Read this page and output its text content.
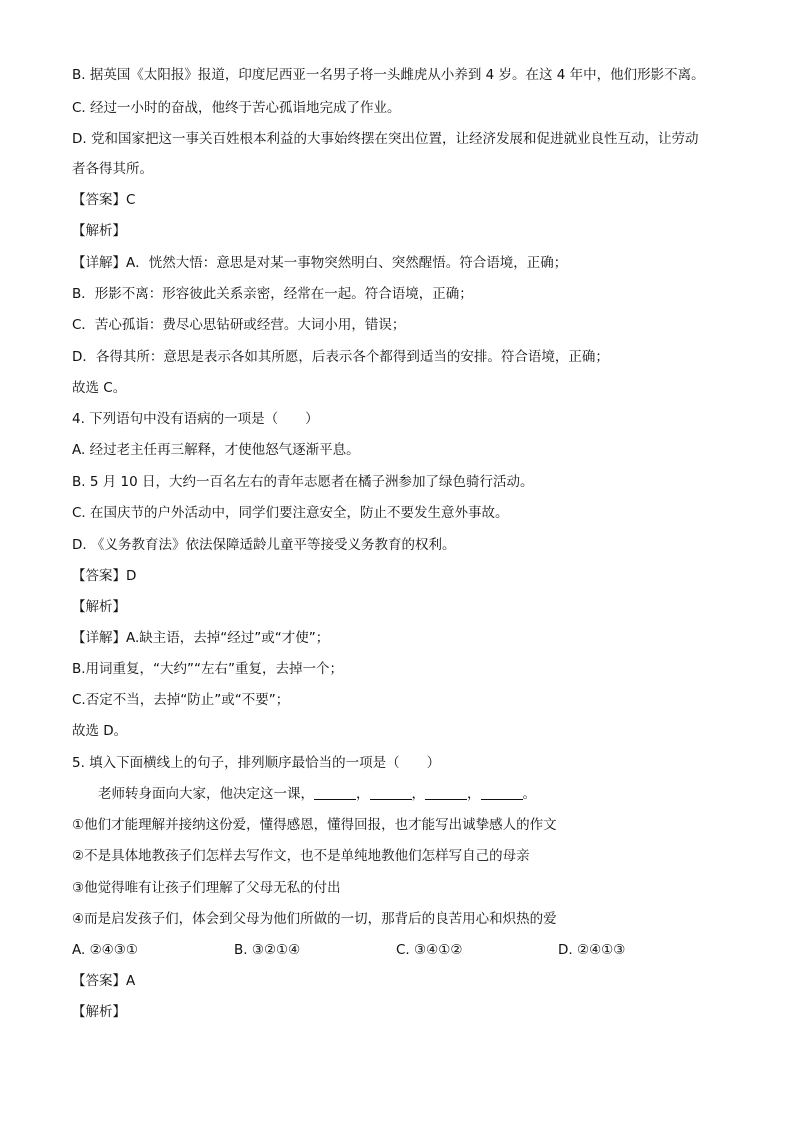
B. 据英国《太阳报》报道，印度尼西亚一名男子将一头雌虎从小养到 4 岁。在这 4 年中，他们形影不离。
C. 经过一小时的奋战，他终于苦心孤诣地完成了作业。
D. 党和国家把这一事关百姓根本利益的大事始终摆在突出位置，让经济发展和促进就业良性互动，让劳动
者各得其所。
【答案】C
【解析】
【详解】A．恍然大悟：意思是对某一事物突然明白、突然醒悟。符合语境，正确；
B．形影不离：形容彼此关系亲密，经常在一起。符合语境，正确；
C．苦心孤诣：费尽心思钻研或经营。大词小用，错误；
D．各得其所：意思是表示各如其所愿，后表示各个都得到适当的安排。符合语境，正确；
故选 C。
4. 下列语句中没有语病的一项是（　　）
A. 经过老主任再三解释，才使他怒气逐渐平息。
B. 5 月 10 日，大约一百名左右的青年志愿者在橘子洲参加了绿色骑行活动。
C. 在国庆节的户外活动中，同学们要注意安全，防止不要发生意外事故。
D. 《义务教育法》依法保障适龄儿童平等接受义务教育的权利。
【答案】D
【解析】
【详解】A.缺主语，去掉“经过”或“才使”；
B.用词重复，“大约”“左右”重复，去掉一个；
C.否定不当，去掉“防止”或“不要”；
故选 D。
5. 填入下面横线上的句子，排列顺序最恰当的一项是（　　）
老师转身面向大家，他决定这一课，	，	，	，	。
①他们才能理解并接纳这份爱，懂得感恩，懂得回报，也才能写出诚挚感人的作文
②不是具体地教孩子们怎样去写作文，也不是单纯地教他们怎样写自己的母亲
③他觉得唯有让孩子们理解了父母无私的付出
④而是启发孩子们，体会到父母为他们所做的一切，那背后的良苦用心和炽热的爱
A. ②④③①	B. ③②①④	C. ③④①②	D. ②④①③
【答案】A
【解析】
